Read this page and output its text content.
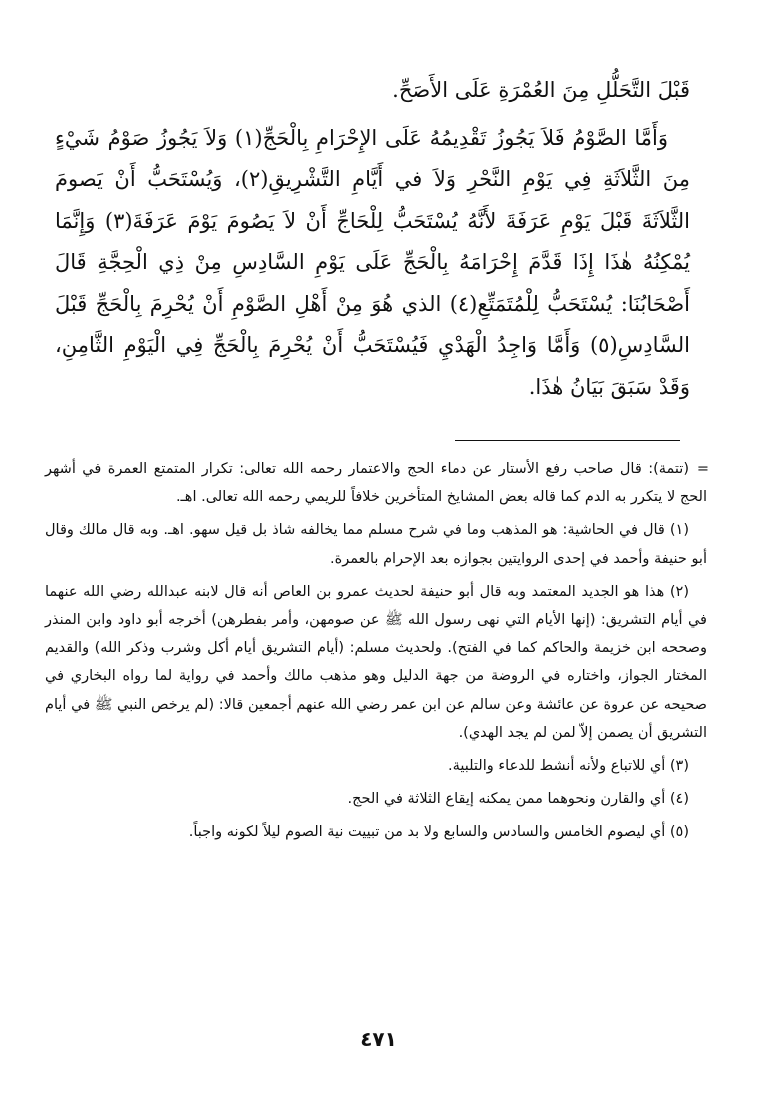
قَبْلَ التَّحَلُّلِ مِنَ العُمْرَةِ عَلَى الأَصَحِّ.

وَأَمَّا الصَّوْمُ فَلاَ يَجُوزُ تَقْدِيمُهُ عَلَى الإِحْرَامِ بِالْحَجِّ(١) وَلاَ يَجُوزُ صَوْمُ شَيْءٍ مِنَ الثَّلاَثَةِ فِي يَوْمِ النَّحْرِ وَلاَ في أَيَّامِ التَّشْرِيقِ(٢)، وَيُسْتَحَبُّ أَنْ يَصومَ الثَّلاَثَةَ قَبْلَ يَوْمِ عَرَفَةَ لأَنَّهُ يُسْتَحَبُّ لِلْحَاجِّ أَنْ لاَ يَصُومَ يَوْمَ عَرَفَةَ(٣) وَإِنَّمَا يُمْكِنُهُ هٰذَا إِذَا قَدَّمَ إِحْرَامَهُ بِالْحَجِّ عَلَى يَوْمِ السَّادِسِ مِنْ ذِي الْحِجَّةِ قَالَ أَصْحَابُنَا: يُسْتَحَبُّ لِلْمُتَمَتِّعِ(٤) الذي هُوَ مِنْ أَهْلِ الصَّوْمِ أَنْ يُحْرِمَ بِالْحَجِّ قَبْلَ السَّادِسِ(٥) وَأَمَّا وَاجِدُ الْهَدْيِ فَيُسْتَحَبُّ أَنْ يُحْرِمَ بِالْحَجِّ فِي الْيَوْمِ الثَّامِنِ، وَقَدْ سَبَقَ بَيَانُ هٰذَا.

=
(تتمة): قال صاحب رفع الأستار عن دماء الحج والاعتمار رحمه الله تعالى: تكرار المتمتع العمرة في أشهر الحج لا يتكرر به الدم كما قاله بعض المشايخ المتأخرين خلافاً للريمي رحمه الله تعالى. اهـ.

(١) قال في الحاشية: هو المذهب وما في شرح مسلم مما يخالفه شاذ بل قيل سهو. اهـ. وبه قال مالك وقال أبو حنيفة وأحمد في إحدى الروايتين بجوازه بعد الإحرام بالعمرة.

(٢) هذا هو الجديد المعتمد وبه قال أبو حنيفة لحديث عمرو بن العاص أنه قال لابنه عبدالله رضي الله عنهما في أيام التشريق: (إنها الأيام التي نهى رسول الله ﷺ عن صومهن، وأمر بفطرهن) أخرجه أبو داود وابن المنذر وصححه ابن خزيمة والحاكم كما في الفتح). ولحديث مسلم: (أيام التشريق أيام أكل وشرب وذكر الله) والقديم المختار الجواز، واختاره في الروضة من جهة الدليل وهو مذهب مالك وأحمد في رواية لما رواه البخاري في صحيحه عن عروة عن عائشة وعن سالم عن ابن عمر رضي الله عنهم أجمعين قالا: (لم يرخص النبي ﷺ في أيام التشريق أن يصمن إلاّ لمن لم يجد الهدي).

(٣) أي للاتباع ولأنه أنشط للدعاء والتلبية.

(٤) أي والقارن ونحوهما ممن يمكنه إيقاع الثلاثة في الحج.

(٥) أي ليصوم الخامس والسادس والسابع ولا بد من تبييت نية الصوم ليلاً لكونه واجباً.

٤٧١
